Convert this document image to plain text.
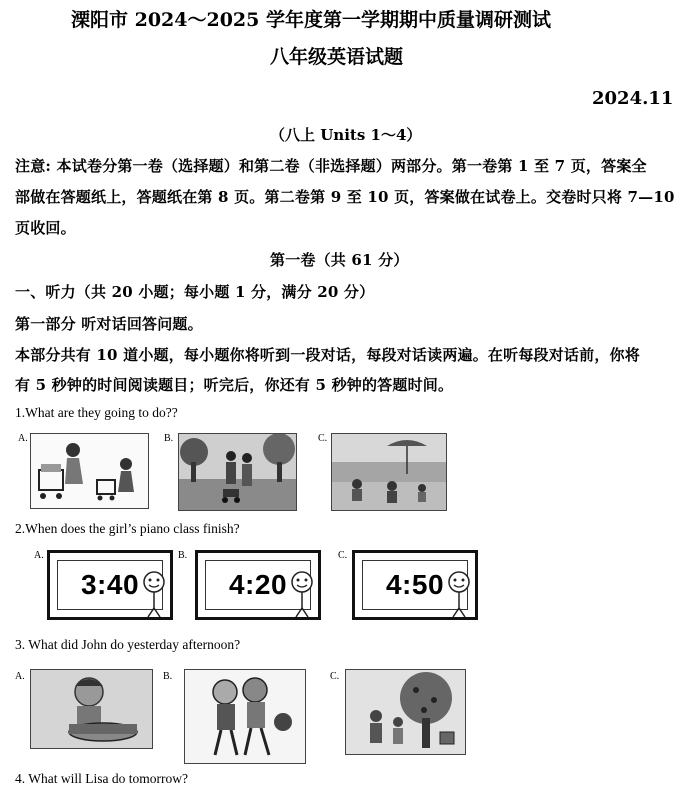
溧阳市 2024～2025 学年度第一学期期中质量调研测试
八年级英语试题
2024.11
（八上 Units 1～4）
注意: 本试卷分第一卷（选择题）和第二卷（非选择题）两部分。第一卷第 1 至 7 页，答案全
部做在答题纸上，答题纸在第 8 页。第二卷第 9 至 10 页，答案做在试卷上。交卷时只将 7—10
页收回。
第一卷（共 61 分）
一、听力（共 20 小题；每小题 1 分，满分 20 分）
第一部分 听对话回答问题。
本部分共有 10 道小题，每小题你将听到一段对话，每段对话读两遍。在听每段对话前，你将
有 5 秒钟的时间阅读题目；听完后，你还有 5 秒钟的答题时间。
1.What are they going to do??
A.	B.	C.
2.When does the girl’s piano class finish?
A.
3:40
B.
4:20
C.
4:50
3. What did John do yesterday afternoon?
A.	B.	C.
4. What will Lisa do tomorrow?
